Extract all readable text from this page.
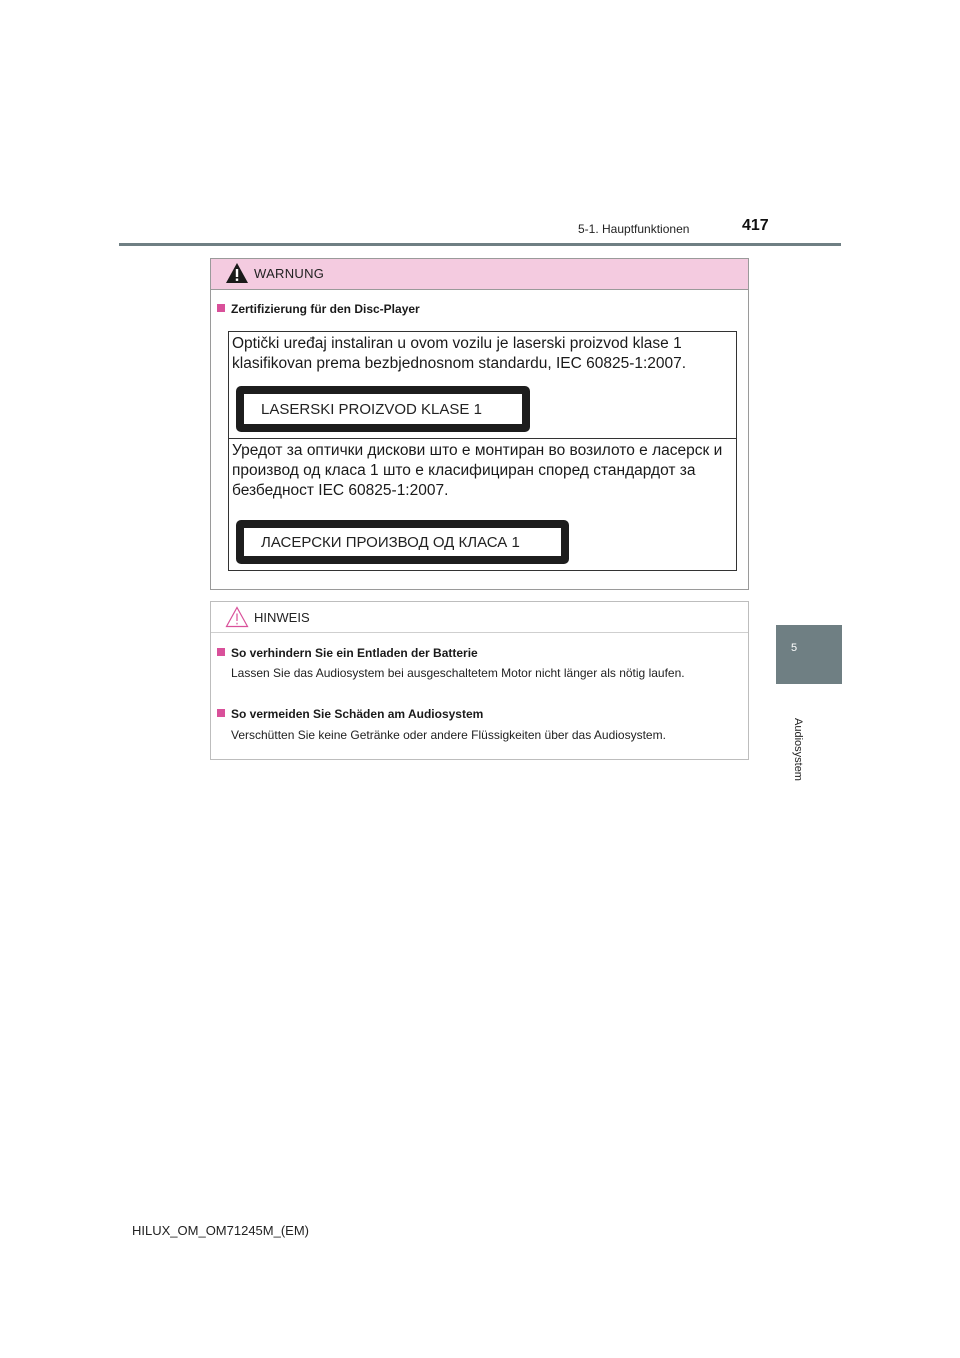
5-1. Hauptfunktionen	417
5
Audiosystem
WARNUNG
Zertifizierung für den Disc-Player
Optički uređaj instaliran u ovom vozilu je laserski proizvod klase 1 klasifikovan prema bezbjednosnom standardu, IEC 60825-1:2007.
LASERSKI PROIZVOD KLASE 1
Уредот за оптички дискови што е монтиран во возилото е ласерск и производ од класа 1 што е класифициран според стандардот за безбедност IEC 60825-1:2007.
ЛАСЕРСКИ ПРОИЗВОД ОД КЛАСА 1
HINWEIS
So verhindern Sie ein Entladen der Batterie
Lassen Sie das Audiosystem bei ausgeschaltetem Motor nicht länger als nötig laufen.
So vermeiden Sie Schäden am Audiosystem
Verschütten Sie keine Getränke oder andere Flüssigkeiten über das Audiosystem.
HILUX_OM_OM71245M_(EM)
